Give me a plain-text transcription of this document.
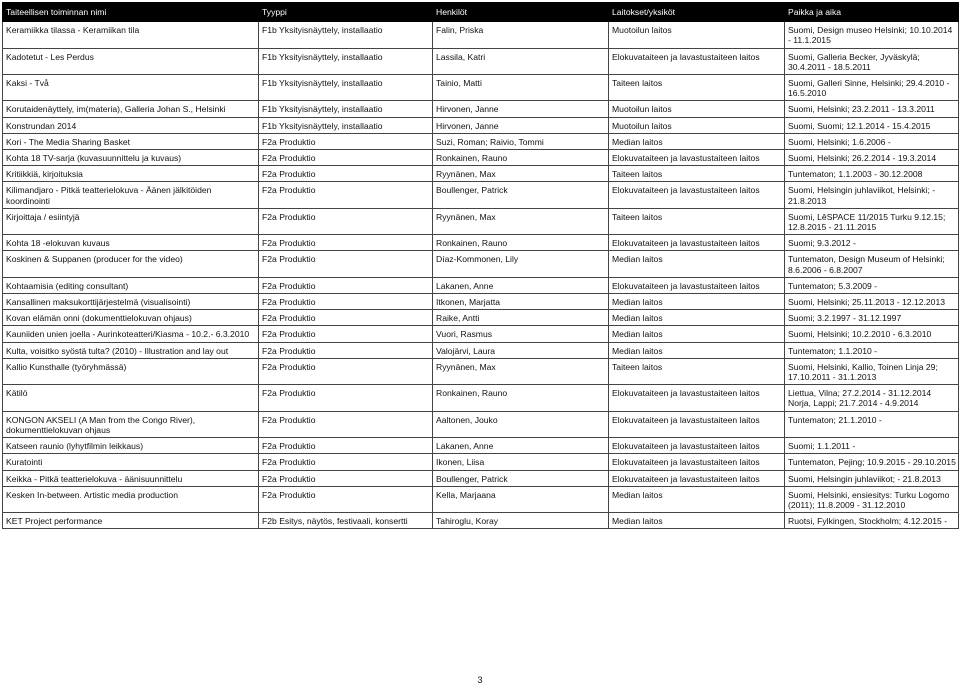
Taiteellisen toiminnan nimi	Tyyppi	Henkilöt	Laitokset/yksiköt	Paikka ja aika
Keramiikka tilassa - Keramiikan tila	F1b Yksityisnäyttely, installaatio	Falin, Priska	Muotoilun laitos	Suomi, Design museo Helsinki; 10.10.2014 - 11.1.2015
Kadotetut - Les Perdus	F1b Yksityisnäyttely, installaatio	Lassila, Katri	Elokuvataiteen ja lavastustaiteen laitos	Suomi, Galleria Becker, Jyväskylä; 30.4.2011 - 18.5.2011
Kaksi - Två	F1b Yksityisnäyttely, installaatio	Tainio, Matti	Taiteen laitos	Suomi, Galleri Sinne, Helsinki; 29.4.2010 - 16.5.2010
Korutaidenäyttely, im(materia), Galleria Johan S., Helsinki	F1b Yksityisnäyttely, installaatio	Hirvonen, Janne	Muotoilun laitos	Suomi, Helsinki; 23.2.2011 - 13.3.2011
Konstrundan 2014	F1b Yksityisnäyttely, installaatio	Hirvonen, Janne	Muotoilun laitos	Suomi, Suomi; 12.1.2014 - 15.4.2015
Kori - The Media Sharing Basket	F2a Produktio	Suzi, Roman; Raivio, Tommi	Median laitos	Suomi, Helsinki; 1.6.2006 -
Kohta 18 TV-sarja (kuvasuunnittelu ja kuvaus)	F2a Produktio	Ronkainen, Rauno	Elokuvataiteen ja lavastustaiteen laitos	Suomi, Helsinki; 26.2.2014 - 19.3.2014
Kritiikkiä, kirjoituksia	F2a Produktio	Ryynänen, Max	Taiteen laitos	Tuntematon; 1.1.2003 - 30.12.2008
Kilimandjaro - Pitkä teatterielokuva - Äänen jälkitöiden koordinointi	F2a Produktio	Boullenger, Patrick	Elokuvataiteen ja lavastustaiteen laitos	Suomi, Helsingin juhlaviikot, Helsinki; - 21.8.2013
Kirjoittaja / esiintyjä	F2a Produktio	Ryynänen, Max	Taiteen laitos	Suomi, LêSPACE 11/2015 Turku 9.12.15; 12.8.2015 - 21.11.2015
Kohta 18 -elokuvan kuvaus	F2a Produktio	Ronkainen, Rauno	Elokuvataiteen ja lavastustaiteen laitos	Suomi; 9.3.2012 -
Koskinen & Suppanen (producer for the video)	F2a Produktio	Díaz-Kommonen, Lily	Median laitos	Tuntematon, Design Museum of Helsinki; 8.6.2006 - 6.8.2007
Kohtaamisia (editing consultant)	F2a Produktio	Lakanen, Anne	Elokuvataiteen ja lavastustaiteen laitos	Tuntematon; 5.3.2009 -
Kansallinen maksukorttijärjestelmä (visualisointi)	F2a Produktio	Itkonen, Marjatta	Median laitos	Suomi, Helsinki; 25.11.2013 - 12.12.2013
Kovan elämän onni (dokumenttielokuvan ohjaus)	F2a Produktio	Raike, Antti	Median laitos	Suomi; 3.2.1997 - 31.12.1997
Kauniiden unien joella - Aurinkoteatteri/Kiasma - 10.2.- 6.3.2010	F2a Produktio	Vuori, Rasmus	Median laitos	Suomi, Helsinki; 10.2.2010 - 6.3.2010
Kulta, voisitko syöstä tulta? (2010) - Illustration and lay out	F2a Produktio	Valojärvi, Laura	Median laitos	Tuntematon; 1.1.2010 -
Kallio Kunsthalle (työryhmässä)	F2a Produktio	Ryynänen, Max	Taiteen laitos	Suomi, Helsinki, Kallio, Toinen Linja 29; 17.10.2011 - 31.1.2013
Kätilö	F2a Produktio	Ronkainen, Rauno	Elokuvataiteen ja lavastustaiteen laitos	Liettua, Vilna; 27.2.2014 - 31.12.2014 Norja, Lappi; 21.7.2014 - 4.9.2014
KONGON AKSELI (A Man from the Congo River), dokumenttielokuvan ohjaus	F2a Produktio	Aaltonen, Jouko	Elokuvataiteen ja lavastustaiteen laitos	Tuntematon; 21.1.2010 -
Katseen raunio (lyhytfilmin leikkaus)	F2a Produktio	Lakanen, Anne	Elokuvataiteen ja lavastustaiteen laitos	Suomi; 1.1.2011 -
Kuratointi	F2a Produktio	Ikonen, Liisa	Elokuvataiteen ja lavastustaiteen laitos	Tuntematon, Pejing; 10.9.2015 - 29.10.2015
Keikka - Pitkä teatterielokuva - äänisuunnittelu	F2a Produktio	Boullenger, Patrick	Elokuvataiteen ja lavastustaiteen laitos	Suomi, Helsingin juhlaviikot; - 21.8.2013
Kesken In-between. Artistic media production	F2a Produktio	Kella, Marjaana	Median laitos	Suomi, Helsinki, ensiesitys: Turku Logomo (2011); 11.8.2009 - 31.12.2010
KET Project performance	F2b Esitys, näytös, festivaali, konsertti	Tahiroglu, Koray	Median laitos	Ruotsi, Fylkingen, Stockholm; 4.12.2015 -
3
